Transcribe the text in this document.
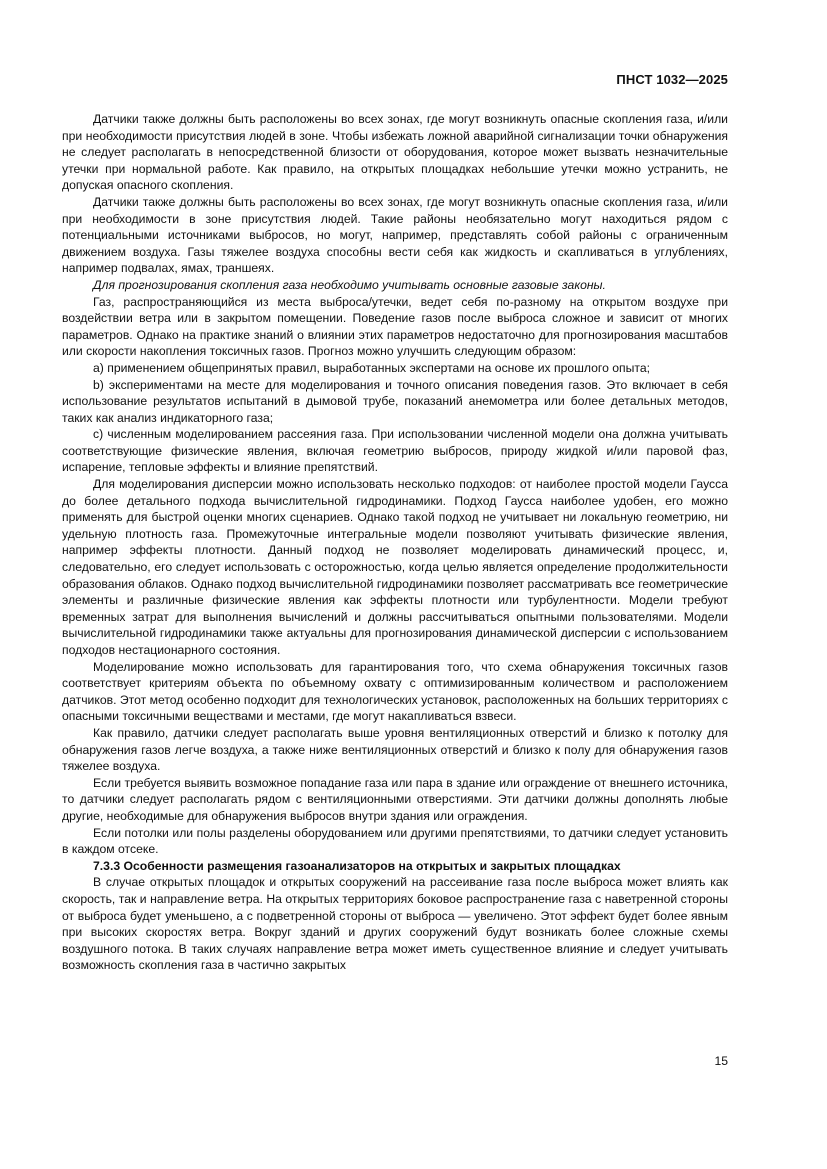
ПНСТ 1032—2025

Датчики также должны быть расположены во всех зонах, где могут возникнуть опасные скопления газа, и/или при необходимости присутствия людей в зоне. Чтобы избежать ложной аварийной сигнализации точки обнаружения не следует располагать в непосредственной близости от оборудования, которое может вызвать незначительные утечки при нормальной работе. Как правило, на открытых площадках небольшие утечки можно устранить, не допуская опасного скопления.

Датчики также должны быть расположены во всех зонах, где могут возникнуть опасные скопления газа, и/или при необходимости в зоне присутствия людей. Такие районы необязательно могут находиться рядом с потенциальными источниками выбросов, но могут, например, представлять собой районы с ограниченным движением воздуха. Газы тяжелее воздуха способны вести себя как жидкость и скапливаться в углублениях, например подвалах, ямах, траншеях.

Для прогнозирования скопления газа необходимо учитывать основные газовые законы.

Газ, распространяющийся из места выброса/утечки, ведет себя по-разному на открытом воздухе при воздействии ветра или в закрытом помещении. Поведение газов после выброса сложное и зависит от многих параметров. Однако на практике знаний о влиянии этих параметров недостаточно для прогнозирования масштабов или скорости накопления токсичных газов. Прогноз можно улучшить следующим образом:

а) применением общепринятых правил, выработанных экспертами на основе их прошлого опыта;

b) экспериментами на месте для моделирования и точного описания поведения газов. Это включает в себя использование результатов испытаний в дымовой трубе, показаний анемометра или более детальных методов, таких как анализ индикаторного газа;

c) численным моделированием рассеяния газа. При использовании численной модели она должна учитывать соответствующие физические явления, включая геометрию выбросов, природу жидкой и/или паровой фаз, испарение, тепловые эффекты и влияние препятствий.

Для моделирования дисперсии можно использовать несколько подходов: от наиболее простой модели Гаусса до более детального подхода вычислительной гидродинамики. Подход Гаусса наиболее удобен, его можно применять для быстрой оценки многих сценариев. Однако такой подход не учитывает ни локальную геометрию, ни удельную плотность газа. Промежуточные интегральные модели позволяют учитывать физические явления, например эффекты плотности. Данный подход не позволяет моделировать динамический процесс, и, следовательно, его следует использовать с осторожностью, когда целью является определение продолжительности образования облаков. Однако подход вычислительной гидродинамики позволяет рассматривать все геометрические элементы и различные физические явления как эффекты плотности или турбулентности. Модели требуют временных затрат для выполнения вычислений и должны рассчитываться опытными пользователями. Модели вычислительной гидродинамики также актуальны для прогнозирования динамической дисперсии с использованием подходов нестационарного состояния.

Моделирование можно использовать для гарантирования того, что схема обнаружения токсичных газов соответствует критериям объекта по объемному охвату с оптимизированным количеством и расположением датчиков. Этот метод особенно подходит для технологических установок, расположенных на больших территориях с опасными токсичными веществами и местами, где могут накапливаться взвеси.

Как правило, датчики следует располагать выше уровня вентиляционных отверстий и близко к потолку для обнаружения газов легче воздуха, а также ниже вентиляционных отверстий и близко к полу для обнаружения газов тяжелее воздуха.

Если требуется выявить возможное попадание газа или пара в здание или ограждение от внешнего источника, то датчики следует располагать рядом с вентиляционными отверстиями. Эти датчики должны дополнять любые другие, необходимые для обнаружения выбросов внутри здания или ограждения.

Если потолки или полы разделены оборудованием или другими препятствиями, то датчики следует установить в каждом отсеке.

7.3.3 Особенности размещения газоанализаторов на открытых и закрытых площадках

В случае открытых площадок и открытых сооружений на рассеивание газа после выброса может влиять как скорость, так и направление ветра. На открытых территориях боковое распространение газа с наветренной стороны от выброса будет уменьшено, а с подветренной стороны от выброса — увеличено. Этот эффект будет более явным при высоких скоростях ветра. Вокруг зданий и других сооружений будут возникать более сложные схемы воздушного потока. В таких случаях направление ветра может иметь существенное влияние и следует учитывать возможность скопления газа в частично закрытых

15
